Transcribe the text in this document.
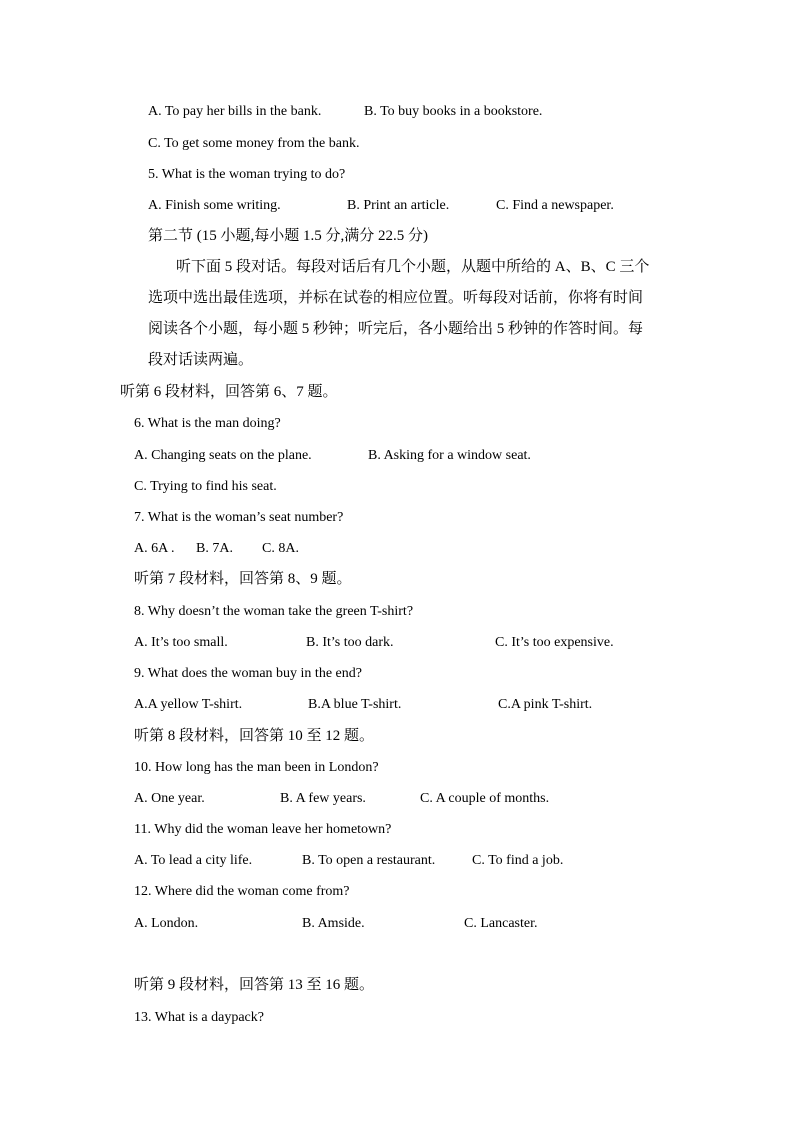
A. To pay her bills in the bank.	B. To buy books in a bookstore.
C. To get some money from the bank.
5. What is the woman trying to do?
A. Finish some writing.	B. Print an article.	C. Find a newspaper.
第二节 (15 小题,每小题 1.5 分,满分 22.5 分)
听下面 5 段对话。每段对话后有几个小题，从题中所给的 A、B、C 三个
选项中选出最佳选项，并标在试卷的相应位置。听每段对话前，你将有时间
阅读各个小题，每小题 5 秒钟；听完后，各小题给出 5 秒钟的作答时间。每
段对话读两遍。
听第 6 段材料，回答第 6、7 题。
6. What is the man doing?
A. Changing seats on the plane.	B. Asking for a window seat.
C. Trying to find his seat.
7. What is the woman’s seat number?
A. 6A . B. 7A. C. 8A.
听第 7 段材料，回答第 8、9 题。
8. Why doesn’t the woman take the green T-shirt?
A. It’s too small.	B. It’s too dark.	C. It’s too expensive.
9. What does the woman buy in the end?
A.A yellow T-shirt.	B.A blue T-shirt.	C.A pink T-shirt.
听第 8 段材料，回答第 10 至 12 题。
10. How long has the man been in London?
A. One year.	B. A few years.	C. A couple of months.
11. Why did the woman leave her hometown?
A. To lead a city life.	B. To open a restaurant.	C. To find a job.
12. Where did the woman come from?
A. London.	B. Amside.	C. Lancaster.
听第 9 段材料，回答第 13 至 16 题。
13. What is a daypack?
